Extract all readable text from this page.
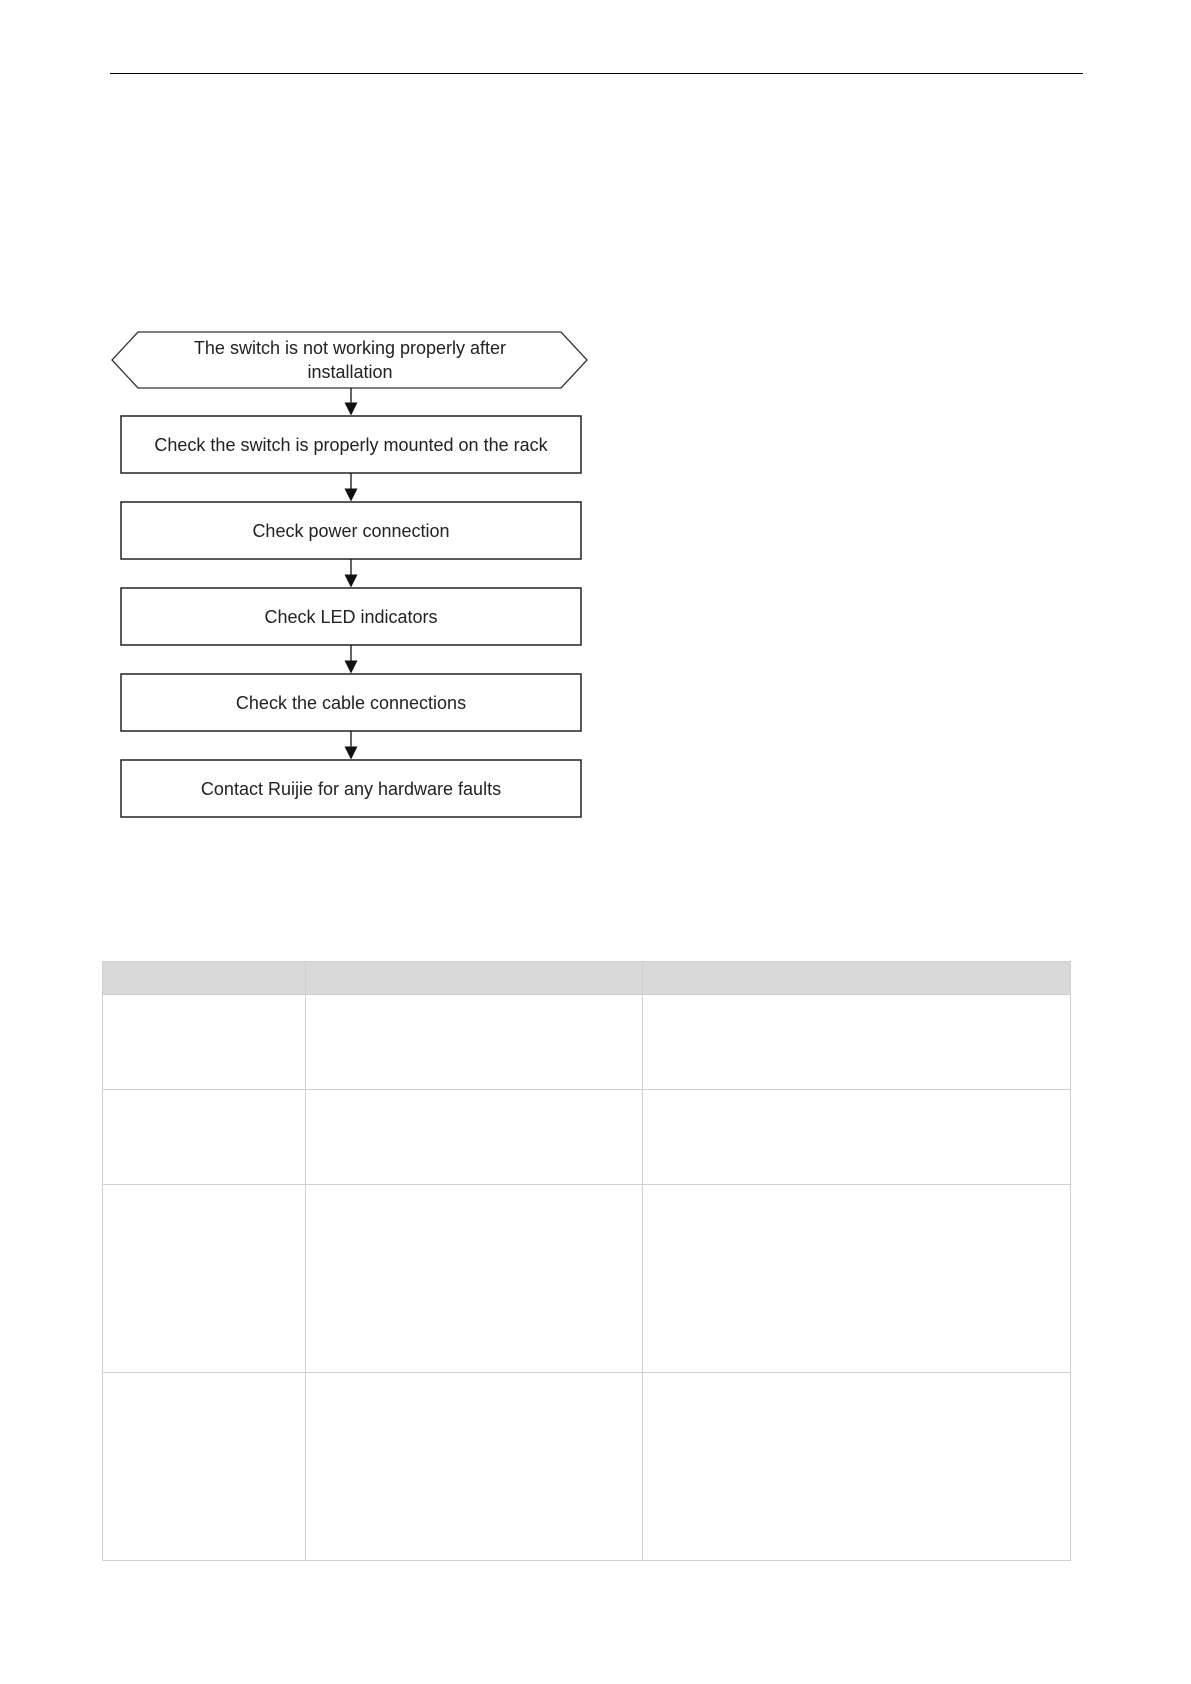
The switch is not working properly after installation
Check the switch is properly mounted on the rack
Check power connection
Check LED indicators
Check the cable connections
Contact Ruijie for any hardware faults
